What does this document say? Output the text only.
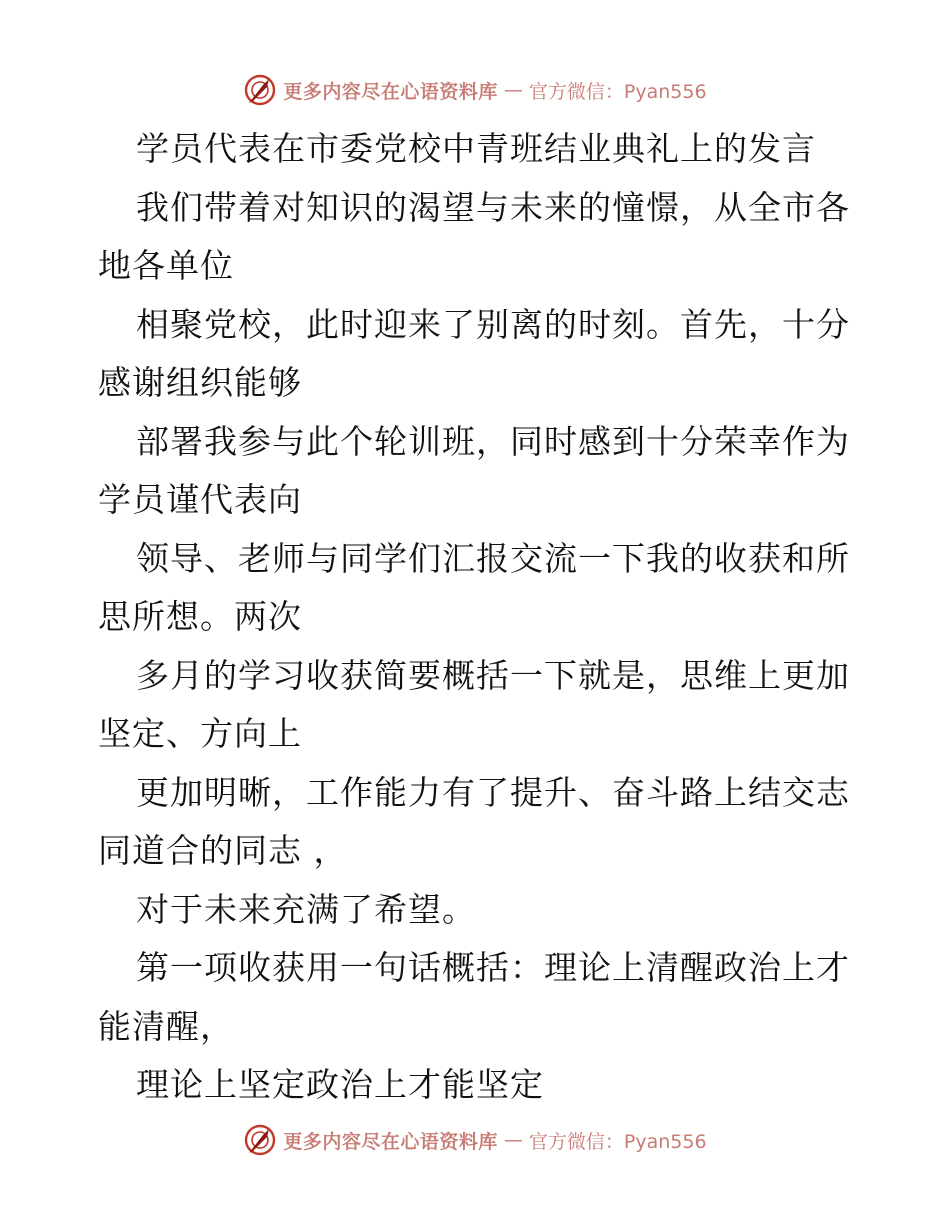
更多内容尽在心语资料库 — 官方微信：Pyan556

学员代表在市委党校中青班结业典礼上的发言

我们带着对知识的渴望与未来的憧憬，从全市各地各单位

相聚党校，此时迎来了别离的时刻。首先，十分感谢组织能够

部署我参与此个轮训班，同时感到十分荣幸作为学员谨代表向

领导、老师与同学们汇报交流一下我的收获和所思所想。两次

多月的学习收获简要概括一下就是，思维上更加坚定、方向上

更加明晰，工作能力有了提升、奋斗路上结交志同道合的同志 ，

对于未来充满了希望。

第一项收获用一句话概括：理论上清醒政治上才能清醒，

理论上坚定政治上才能坚定

更多内容尽在心语资料库 — 官方微信：Pyan556
